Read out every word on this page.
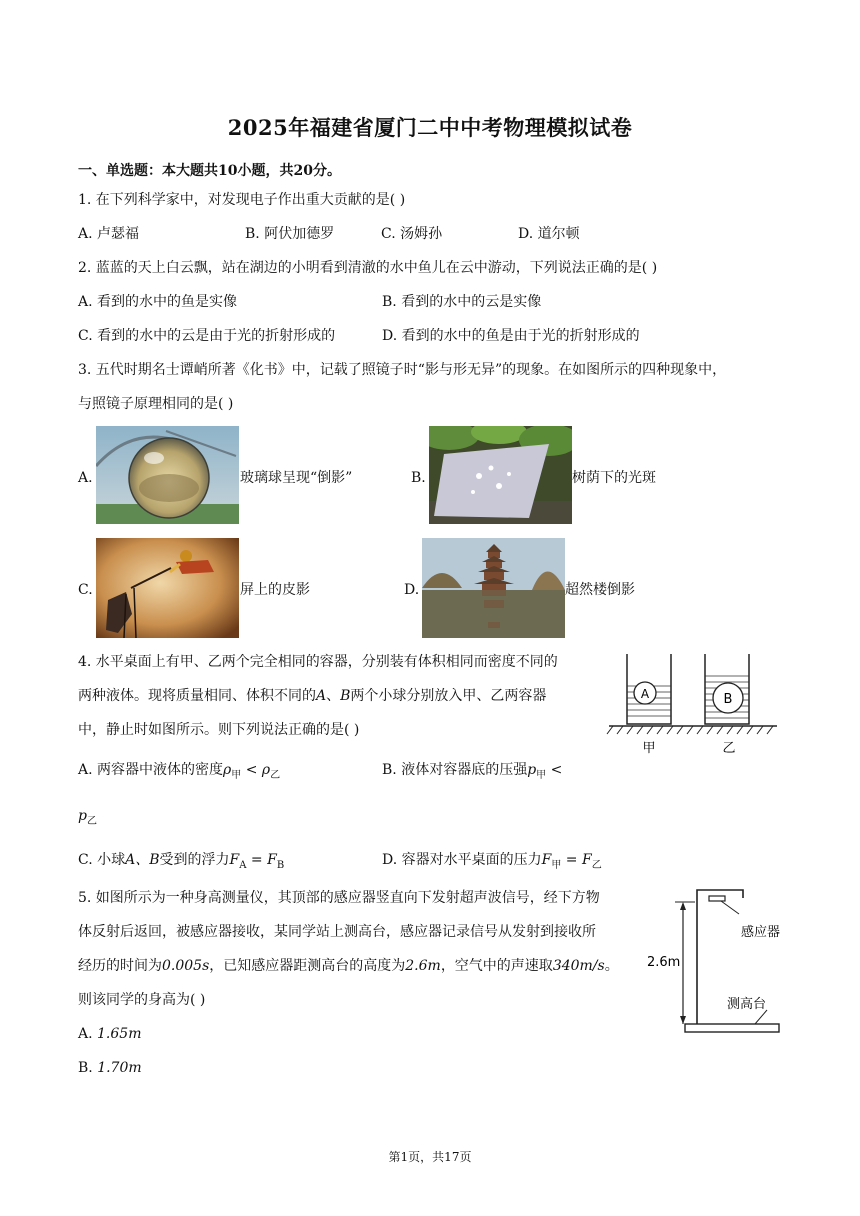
2025年福建省厦门二中中考物理模拟试卷
一、单选题：本大题共10小题，共20分。
1. 在下列科学家中，对发现电子作出重大贡献的是( )
A. 卢瑟福	B. 阿伏加德罗	C. 汤姆孙	D. 道尔顿
2. 蓝蓝的天上白云飘，站在湖边的小明看到清澈的水中鱼儿在云中游动，下列说法正确的是( )
A. 看到的水中的鱼是实像	B. 看到的水中的云是实像
C. 看到的水中的云是由于光的折射形成的	D. 看到的水中的鱼是由于光的折射形成的
3. 五代时期名士谭峭所著《化书》中，记载了照镜子时“影与形无异”的现象。在如图所示的四种现象中，
与照镜子原理相同的是( )
A.	玻璃球呈现“倒影”	B.	树荫下的光斑
C.	屏上的皮影	D.	超然楼倒影
4. 水平桌面上有甲、乙两个完全相同的容器，分别装有体积相同而密度不同的
两种液体。现将质量相同、体积不同的A、B两个小球分别放入甲、乙两容器
中，静止时如图所示。则下列说法正确的是( )
A. 两容器中液体的密度$\rho_甲 < \rho_乙$	B. 液体对容器底的压强$p_甲$ <
$p_乙$
C. 小球A、B受到的浮力$F_A = F_B$	D. 容器对水平桌面的压力$F_甲 = F_乙$
A	B
甲	乙
5. 如图所示为一种身高测量仪，其顶部的感应器竖直向下发射超声波信号，经下方物
体反射后返回，被感应器接收，某同学站上测高台，感应器记录信号从发射到接收所
经历的时间为0.005s，已知感应器距测高台的高度为2.6m，空气中的声速取340m/s。
则该同学的身高为( )
A. 1.65m
B. 1.70m
感应器
2.6m
测高台
第1页，共17页
